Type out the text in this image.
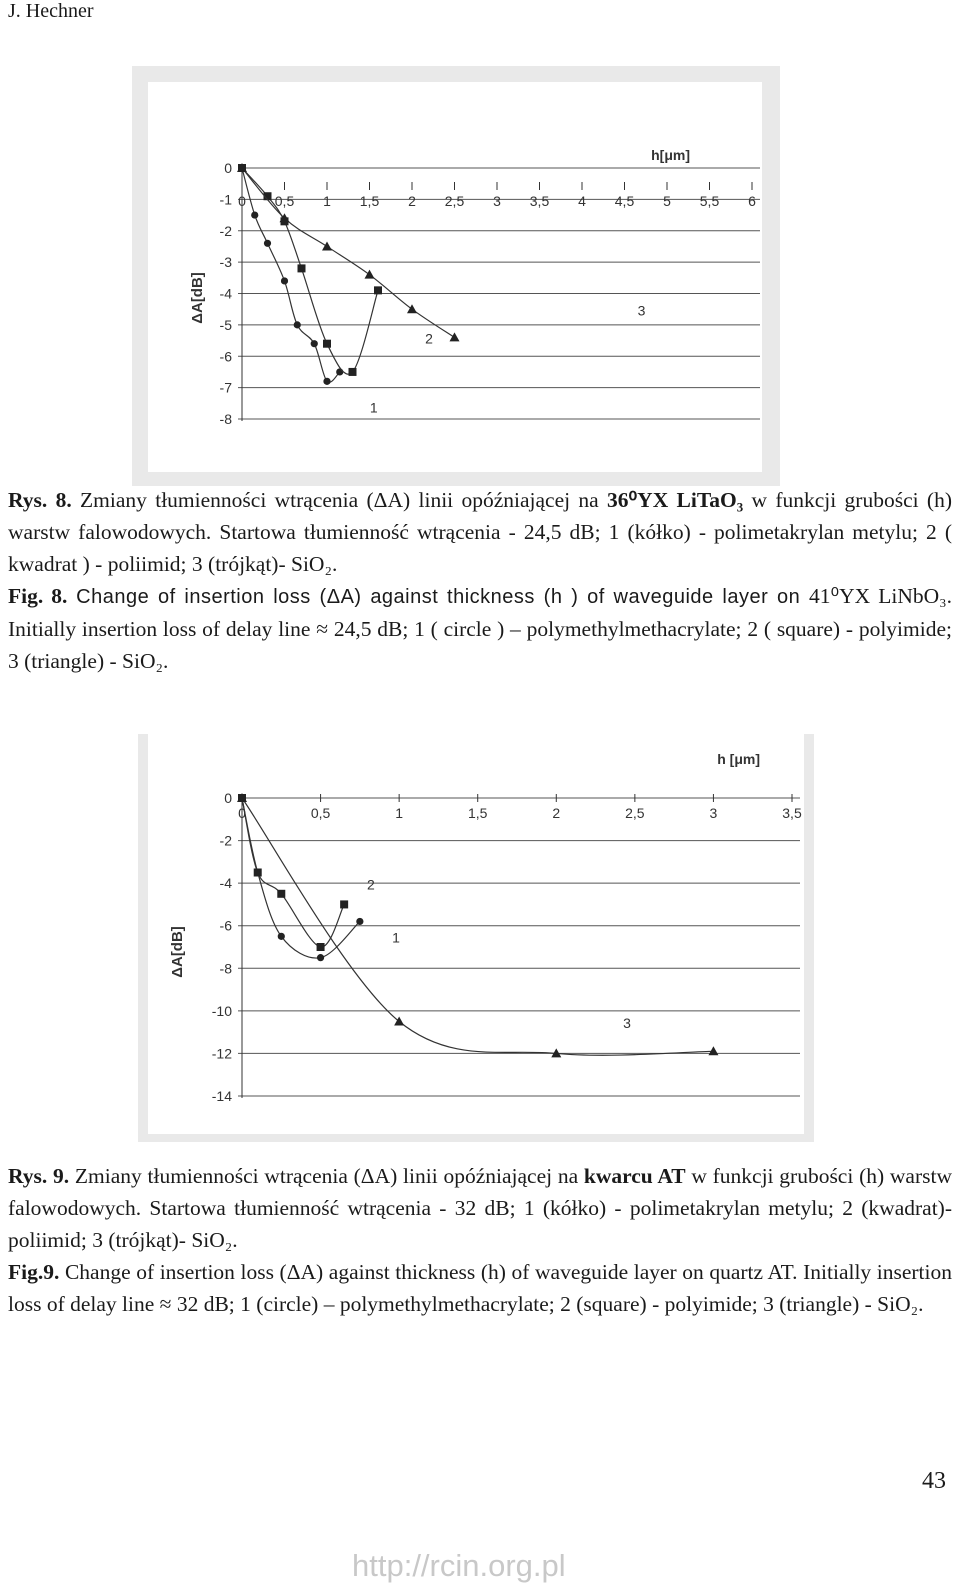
J. Hechner
0
-1
-2
-3
-4
-5
-6
-7
-8
0 0,5 1 1,5 2 2,5 3 3,5 4 4,5 5 5,5 6
h[μm]
ΔA[dB]
1
2
3

Rys. 8. Zmiany tłumienności wtrącenia (ΔA) linii opóźniającej na 36⁰YX LiTaO₃ w funkcji grubości (h) warstw falowodowych. Startowa tłumienność wtrącenia - 24,5 dB; 1 (kółko) - polimetakrylan metylu; 2 ( kwadrat ) - poliimid; 3 (trójkąt)- SiO₂.

Fig. 8. Change of insertion loss (ΔA) against thickness (h ) of waveguide layer on 41⁰YX LiNbO₃. Initially insertion loss of delay line ≈ 24,5 dB; 1 ( circle ) – polymethylmethacrylate; 2 ( square) - polyimide; 3 (triangle) - SiO₂.

0
-2
-4
-6
-8
-10
-12
-14
0	0,5	1	1,5	2	2,5	3	3,5
h [μm]
ΔA[dB]	1
2
3

Rys. 9. Zmiany tłumienności wtrącenia (ΔA) linii opóźniającej na kwarcu AT w funkcji grubości (h) warstw falowodowych. Startowa tłumienność wtrącenia - 32 dB; 1 (kółko) - polimetakrylan metylu; 2 (kwadrat)- poliimid; 3 (trójkąt)- SiO₂.

Fig.9. Change of insertion loss (ΔA) against thickness (h) of waveguide layer on quartz AT. Initially insertion loss of delay line ≈ 32 dB; 1 (circle) – polymethylmethacrylate; 2 (square) - polyimide; 3 (triangle) - SiO₂.

43
http://rcin.org.pl
